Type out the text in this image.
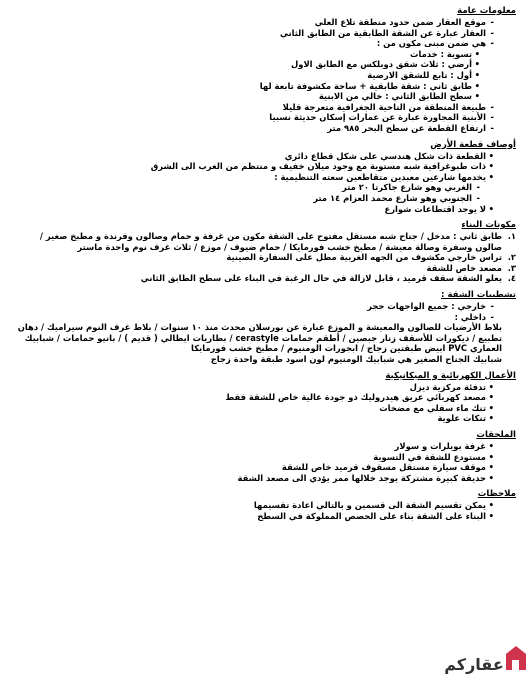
معلومات عامة
- موقع العقار ضمن حدود منطقة تلاع العلي
- العقار عبارة عن الشقة الطابقية من الطابق الثاني
- هي ضمن مبنى مكون من :
• تسوية : خدمات
• أرضي : ثلاث شقق دوبلكس مع الطابق الاول
• أول : تابع للشقق الارضية
• طابق ثاني : شقة طابقية + ساحة مكشوفة تابعة لها
• سطح الطابق الثاني : خالي من الابنية
- طبيعة المنطقة من الناحية الجغرافية متعرجة قليلا
- الأبنية المجاورة عبارة عن عمارات إسكان حديثة نسبيا
- ارتفاع القطعة عن سطح البحر ٩٨٥ متر
أوصاف قطعة الأرض
• القطعة ذات شكل هندسي على شكل قطاع دائري
• ذات طبوغرافية شبه مستوية مع وجود ميلان خفيف و منتظم من الغرب الى الشرق
• يخدمها شارعين معبدين متقاطعين سعته التنظيمية :
- الغربي وهو شارع جاكرتا ٢٠ متر
- الجنوبي وهو شارع محمد العزام ١٤ متر
• لا يوجد اقتطاعات شوارع
مكونات البناء
١.
طابق ثاني : مدخل / جناح شبه مستقل مفتوح على الشقة مكون من غرفة و حمام وصالون وفرندة و مطبخ صغير / صالون وسفرة وصالة معيشة / مطبخ خشب فورمايكا / حمام ضيوف / موزع / ثلاث غرف نوم واحدة ماستر
٢.
تراس خارجي مكشوف من الجهه الغربية مطل على السفارة الصينية
٣.
مصعد خاص للشقة
٤.
يعلو الشقة سقف قرميد ، قابل لازالة في حال الرغبة في البناء على سطح الطابق الثاني
تشطيبات الشقة :
- خارجي : جميع الواجهات حجر
- داخلي :
بلاط الأرضيات للصالون والمعيشة و الموزع عبارة عن بورسلان محدث منذ ١٠ سنوات / بلاط غرف النوم سيراميك / دهان تطبيع / ديكورات للأسقف زنار جبصين / أطقم حمامات cerastyle / بطاريات ايطالي ( قديم ) / بانيو حمامات / شبابيك العماري PVC ابيض طبقتين زجاج / ابجورات الومنيوم / مطبخ خشب فورمايكا
شبابيك الجناح الصغير هي شبابيك الومنيوم لون اسود طبقة واحدة زجاج
الأعمال الكهربائية و الميكانيكية
• تدفئة مركزية ديزل
• مصعد كهربائي عريق هيدروليك ذو جودة عالية خاص للشقة فقط
• تنك ماء سفلي مع مضخات
• تنكات علوية
الملحقات
• غرفة بويلرات و سولار
• مستودع للشقة في التسوية
• موقف سيارة مستقل مسقوف قرميد خاص للشقة
• حديقة كبيرة مشتركة يوجد خلالها ممر يؤدي الى مصعد الشقة
ملاحظات
• يمكن تقسيم الشقة الى قسمين و بالتالي اعادة تقسيمها
• البناء على الشقة بناء على الحصص المملوكة في السطح
عقاركم
